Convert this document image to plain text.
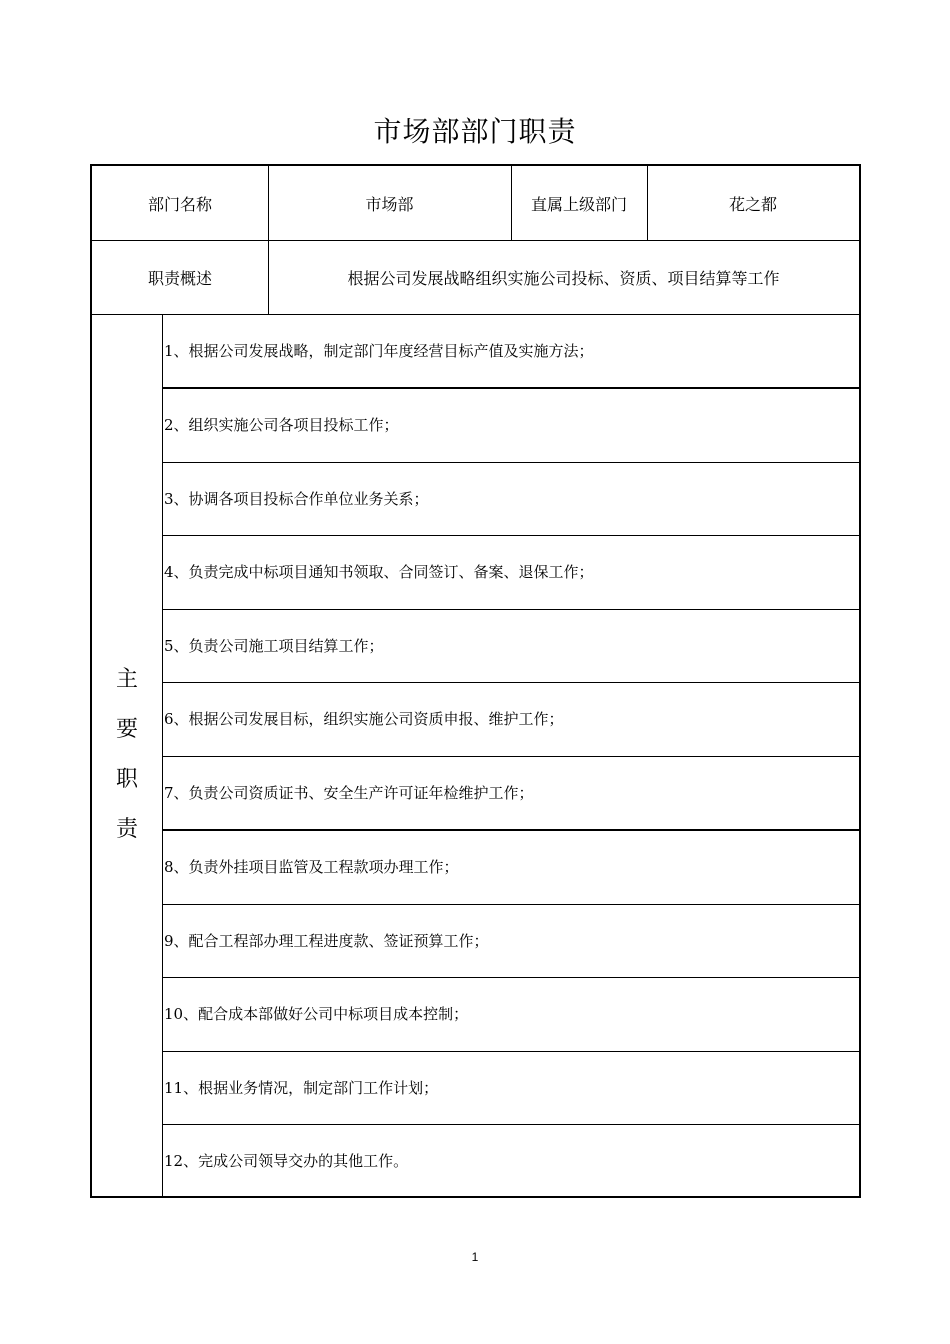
市场部部门职责
部门名称	市场部	直属上级部门	花之都
职责概述	根据公司发展战略组织实施公司投标、资质、项目结算等工作
主
要
职
责
1、根据公司发展战略，制定部门年度经营目标产值及实施方法；
2、组织实施公司各项目投标工作；
3、协调各项目投标合作单位业务关系；
4、负责完成中标项目通知书领取、合同签订、备案、退保工作；
5、负责公司施工项目结算工作；
6、根据公司发展目标，组织实施公司资质申报、维护工作；
7、负责公司资质证书、安全生产许可证年检维护工作；
8、负责外挂项目监管及工程款项办理工作；
9、配合工程部办理工程进度款、签证预算工作；
10、配合成本部做好公司中标项目成本控制；
11、根据业务情况，制定部门工作计划；
12、完成公司领导交办的其他工作。
1
